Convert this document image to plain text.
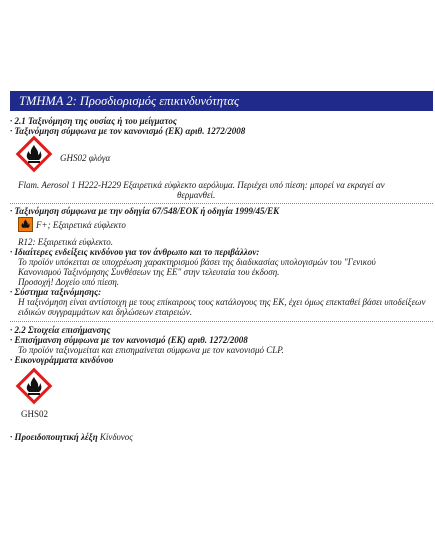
ΤΜΗΜΑ 2: Προσδιορισμός επικινδυνότητας
· 2.1 Ταξινόμηση της ουσίας ή του μείγματος
· Ταξινόμηση σύμφωνα με τον κανονισμό (ΕΚ) αριθ. 1272/2008
GHS02 φλόγα
Flam. Aerosol 1 H222-H229 Εξαιρετικά εύφλεκτο αερόλυμα. Περιέχει υπό πίεση: μπορεί να εκραγεί αν
θερμανθεί.
· Ταξινόμηση σύμφωνα με την οδηγία 67/548/ΕΟΚ ή οδηγία 1999/45/ΕΚ
F+; Εξαιρετικά εύφλεκτο
R12: Εξαιρετικά εύφλεκτο.
· Ιδιαίτερες ενδείξεις κινδύνου για τον άνθρωπο και το περιβάλλον:
Το προϊόν υπόκειται σε υποχρέωση χαρακτηρισμού βάσει της διαδικασίας υπολογισμών του "Γενικού
Κανονισμού Ταξινόμησης Συνθέσεων της ΕΕ" στην τελευταία του έκδοση.
Προσοχή! Δοχείο υπό πίεση.
· Σύστημα ταξινόμησης:
Η ταξινόμηση είναι αντίστοιχη με τους επίκαιρους τους κατάλογους της ΕΚ, έχει όμως επεκταθεί βάσει υποδείξεων
ειδικών συγγραμμάτων και δηλώσεων εταιρειών.
· 2.2 Στοιχεία επισήμανσης
· Επισήμανση σύμφωνα με τον κανονισμό (ΕΚ) αριθ. 1272/2008
Το προϊόν ταξινομείται και επισημαίνεται σύμφωνα με τον κανονισμό CLP.
· Εικονογράμματα κινδύνου
GHS02
· Προειδοποιητική λέξη Κίνδυνος
